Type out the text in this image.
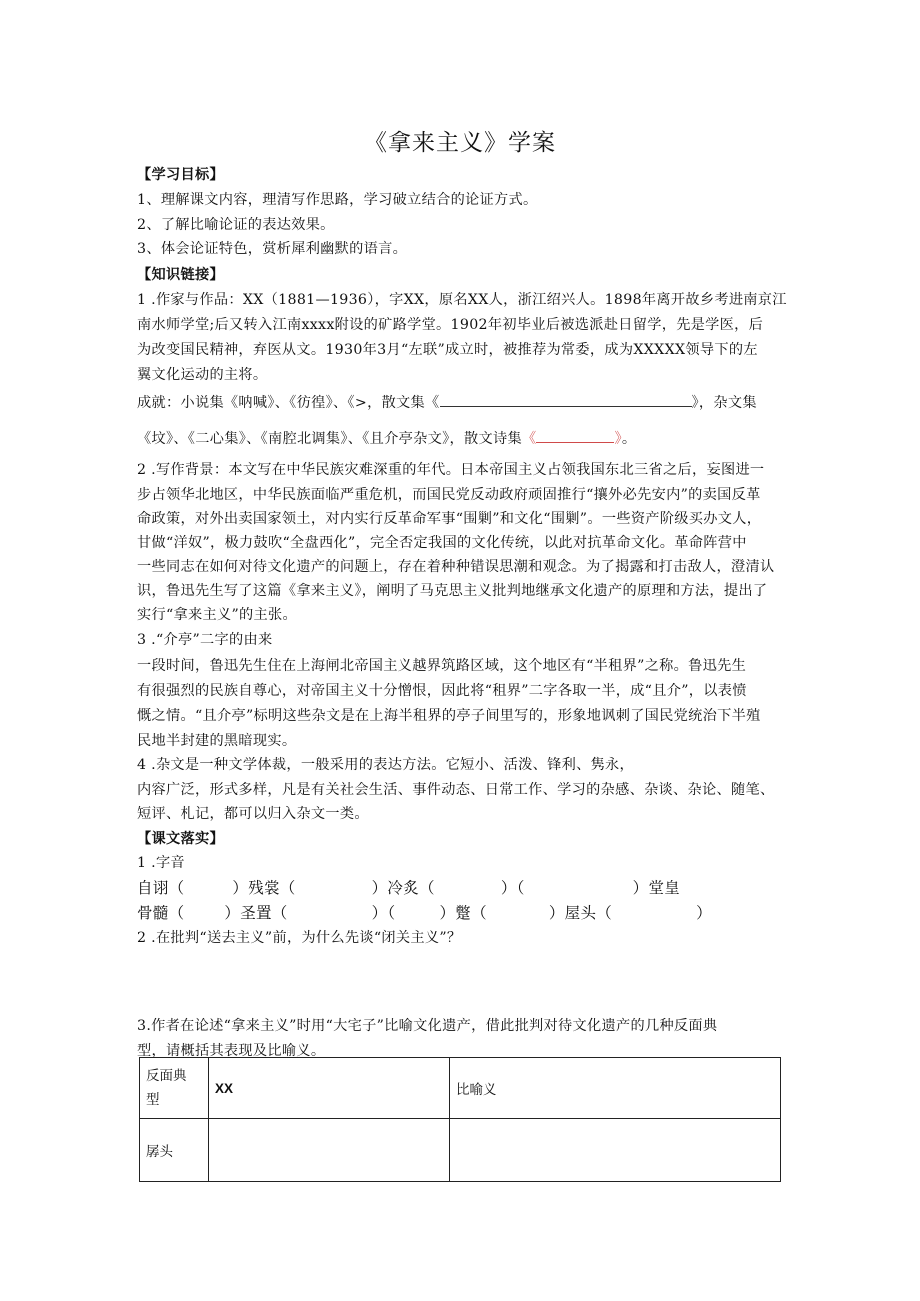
《拿来主义》学案
【学习目标】
1、理解课文内容，理清写作思路，学习破立结合的论证方式。
2、了解比喻论证的表达效果。
3、体会论证特色，赏析犀利幽默的语言。
【知识链接】
1 .作家与作品：XX（1881—1936），字XX，原名XX人，浙江绍兴人。1898年离开故乡考进南京江
南水师学堂;后又转入江南xxxx附设的矿路学堂。1902年初毕业后被选派赴日留学，先是学医，后
为改变国民精神，弃医从文。1930年3月“左联”成立时，被推荐为常委，成为XXXXX领导下的左
翼文化运动的主将。
成就：小说集《呐喊》、《彷徨》、《>，散文集《	》，杂文集
《坟》、《二心集》、《南腔北调集》、《且介亭杂文》，散文诗集《	》。
2 .写作背景：本文写在中华民族灾难深重的年代。日本帝国主义占领我国东北三省之后，妄图进一
步占领华北地区，中华民族面临严重危机，而国民党反动政府顽固推行“攘外必先安内”的卖国反革
命政策，对外出卖国家领土，对内实行反革命军事“围剿”和文化“围剿”。一些资产阶级买办文人，
甘做“洋奴”，极力鼓吹“全盘西化”，完全否定我国的文化传统，以此对抗革命文化。革命阵营中
一些同志在如何对待文化遗产的问题上，存在着种种错误思潮和观念。为了揭露和打击敌人，澄清认
识，鲁迅先生写了这篇《拿来主义》，阐明了马克思主义批判地继承文化遗产的原理和方法，提出了
实行“拿来主义”的主张。
3 .“介亭”二字的由来
一段时间，鲁迅先生住在上海闸北帝国主义越界筑路区域，这个地区有“半租界”之称。鲁迅先生
有很强烈的民族自尊心，对帝国主义十分憎恨，因此将“租界”二字各取一半，成“且介”，以表愤
慨之情。“且介亭”标明这些杂文是在上海半租界的亭子间里写的，形象地讽刺了国民党统治下半殖
民地半封建的黑暗现实。
4 .杂文是一种文学体裁，一般采用的表达方法。它短小、活泼、锋利、隽永，
内容广泛，形式多样，凡是有关社会生活、事件动态、日常工作、学习的杂感、杂谈、杂论、随笔、
短评、札记，都可以归入杂文一类。
【课文落实】
1 .字音
自诩（	）残裳（	）冷炙（	）（	）堂皇
骨髓（	）圣置（	）（	）蹩（	）屋头（	）
2 .在批判“送去主义”前，为什么先谈“闭关主义”？
3.作者在论述“拿来主义”时用“大宅子”比喻文化遗产，借此批判对待文化遗产的几种反面典
型，请概括其表现及比喻义。
反面典
型	XX	比喻义
孱头		
